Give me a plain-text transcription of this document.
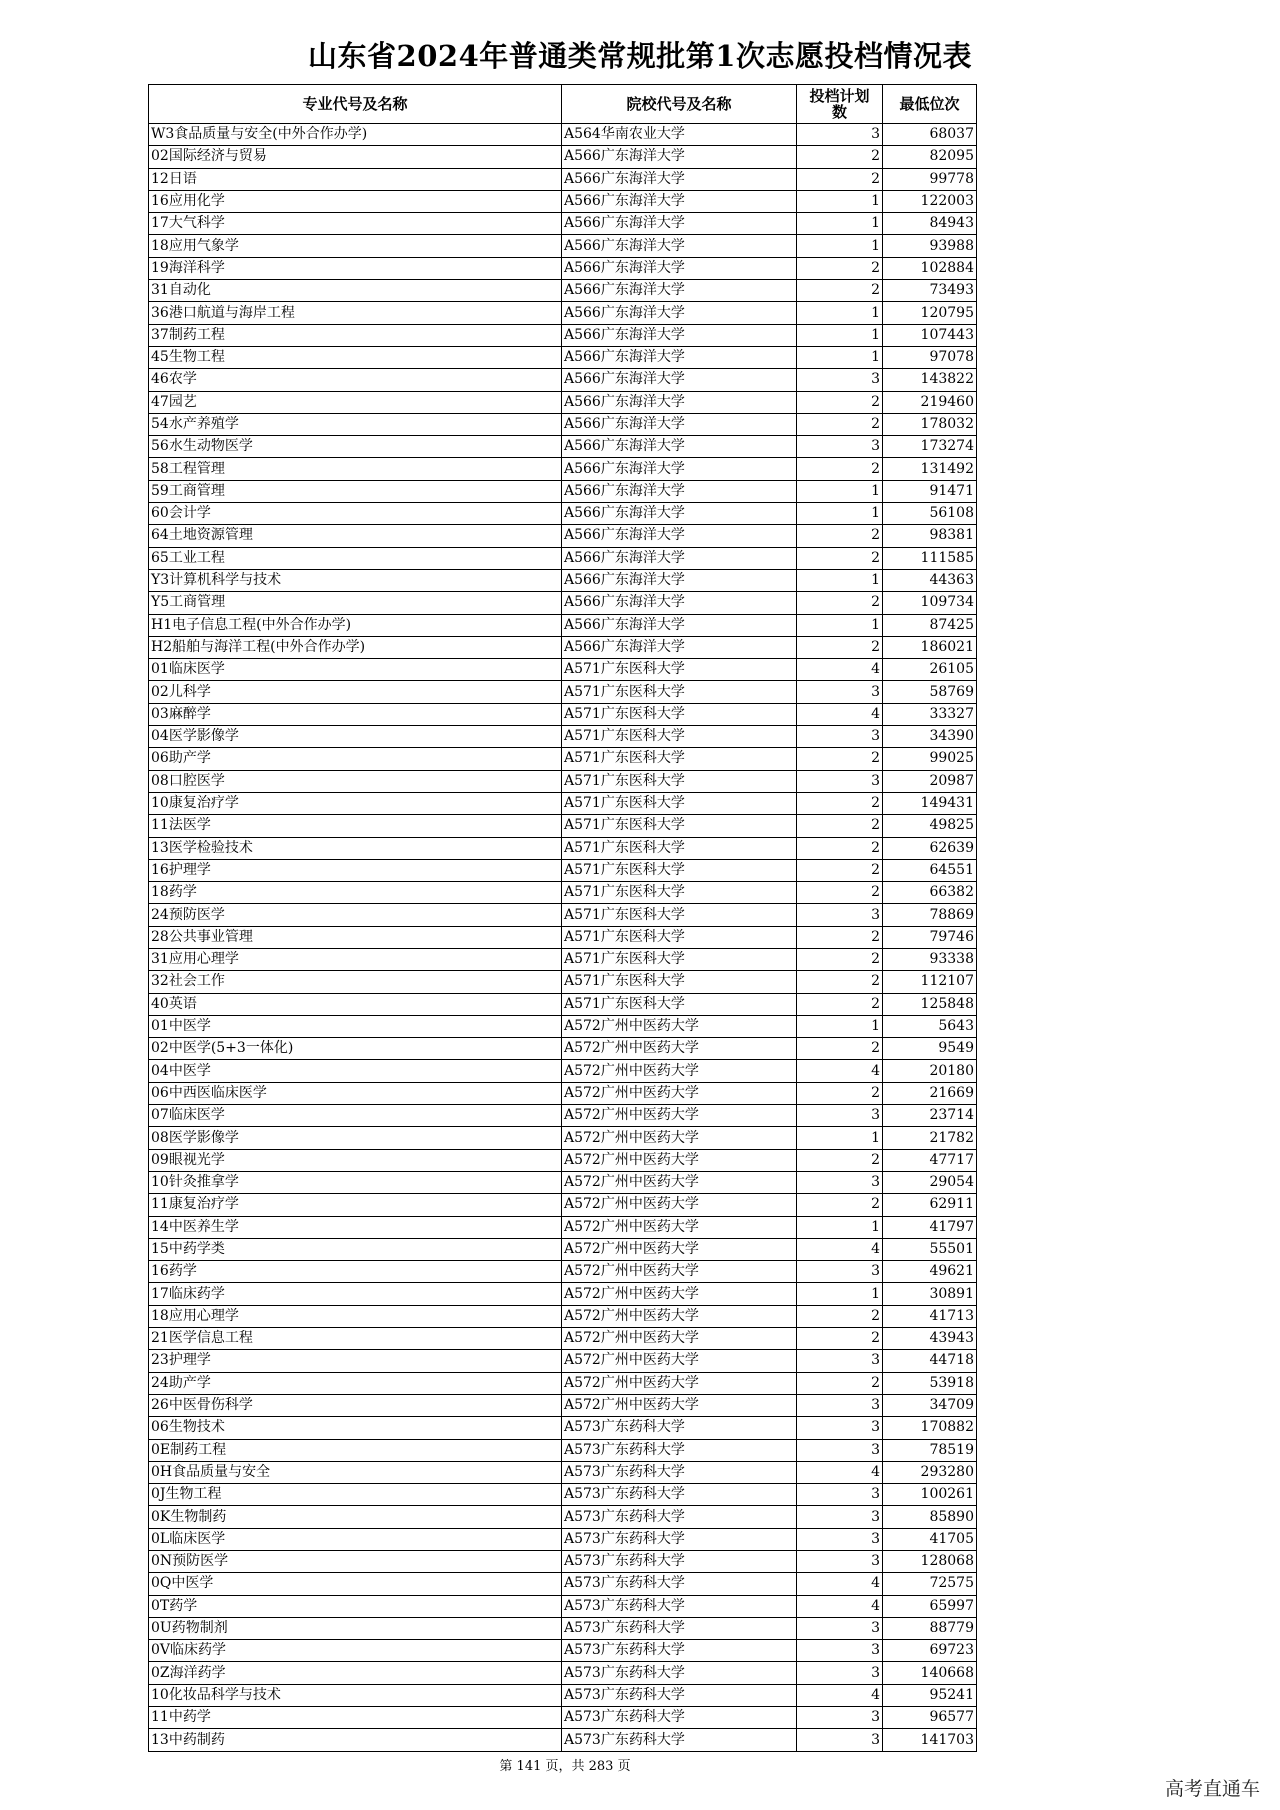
山东省2024年普通类常规批第1次志愿投档情况表
专业代号及名称	院校代号及名称	投档计划数	最低位次
W3食品质量与安全(中外合作办学)	A564华南农业大学	3	68037
02国际经济与贸易	A566广东海洋大学	2	82095
12日语	A566广东海洋大学	2	99778
16应用化学	A566广东海洋大学	1	122003
17大气科学	A566广东海洋大学	1	84943
18应用气象学	A566广东海洋大学	1	93988
19海洋科学	A566广东海洋大学	2	102884
31自动化	A566广东海洋大学	2	73493
36港口航道与海岸工程	A566广东海洋大学	1	120795
37制药工程	A566广东海洋大学	1	107443
45生物工程	A566广东海洋大学	1	97078
46农学	A566广东海洋大学	3	143822
47园艺	A566广东海洋大学	2	219460
54水产养殖学	A566广东海洋大学	2	178032
56水生动物医学	A566广东海洋大学	3	173274
58工程管理	A566广东海洋大学	2	131492
59工商管理	A566广东海洋大学	1	91471
60会计学	A566广东海洋大学	1	56108
64土地资源管理	A566广东海洋大学	2	98381
65工业工程	A566广东海洋大学	2	111585
Y3计算机科学与技术	A566广东海洋大学	1	44363
Y5工商管理	A566广东海洋大学	2	109734
H1电子信息工程(中外合作办学)	A566广东海洋大学	1	87425
H2船舶与海洋工程(中外合作办学)	A566广东海洋大学	2	186021
01临床医学	A571广东医科大学	4	26105
02儿科学	A571广东医科大学	3	58769
03麻醉学	A571广东医科大学	4	33327
04医学影像学	A571广东医科大学	3	34390
06助产学	A571广东医科大学	2	99025
08口腔医学	A571广东医科大学	3	20987
10康复治疗学	A571广东医科大学	2	149431
11法医学	A571广东医科大学	2	49825
13医学检验技术	A571广东医科大学	2	62639
16护理学	A571广东医科大学	2	64551
18药学	A571广东医科大学	2	66382
24预防医学	A571广东医科大学	3	78869
28公共事业管理	A571广东医科大学	2	79746
31应用心理学	A571广东医科大学	2	93338
32社会工作	A571广东医科大学	2	112107
40英语	A571广东医科大学	2	125848
01中医学	A572广州中医药大学	1	5643
02中医学(5+3一体化)	A572广州中医药大学	2	9549
04中医学	A572广州中医药大学	4	20180
06中西医临床医学	A572广州中医药大学	2	21669
07临床医学	A572广州中医药大学	3	23714
08医学影像学	A572广州中医药大学	1	21782
09眼视光学	A572广州中医药大学	2	47717
10针灸推拿学	A572广州中医药大学	3	29054
11康复治疗学	A572广州中医药大学	2	62911
14中医养生学	A572广州中医药大学	1	41797
15中药学类	A572广州中医药大学	4	55501
16药学	A572广州中医药大学	3	49621
17临床药学	A572广州中医药大学	1	30891
18应用心理学	A572广州中医药大学	2	41713
21医学信息工程	A572广州中医药大学	2	43943
23护理学	A572广州中医药大学	3	44718
24助产学	A572广州中医药大学	2	53918
26中医骨伤科学	A572广州中医药大学	3	34709
06生物技术	A573广东药科大学	3	170882
0E制药工程	A573广东药科大学	3	78519
0H食品质量与安全	A573广东药科大学	4	293280
0J生物工程	A573广东药科大学	3	100261
0K生物制药	A573广东药科大学	3	85890
0L临床医学	A573广东药科大学	3	41705
0N预防医学	A573广东药科大学	3	128068
0Q中医学	A573广东药科大学	4	72575
0T药学	A573广东药科大学	4	65997
0U药物制剂	A573广东药科大学	3	88779
0V临床药学	A573广东药科大学	3	69723
0Z海洋药学	A573广东药科大学	3	140668
10化妆品科学与技术	A573广东药科大学	4	95241
11中药学	A573广东药科大学	3	96577
13中药制药	A573广东药科大学	3	141703
第 141 页，共 283 页
高考直通车
